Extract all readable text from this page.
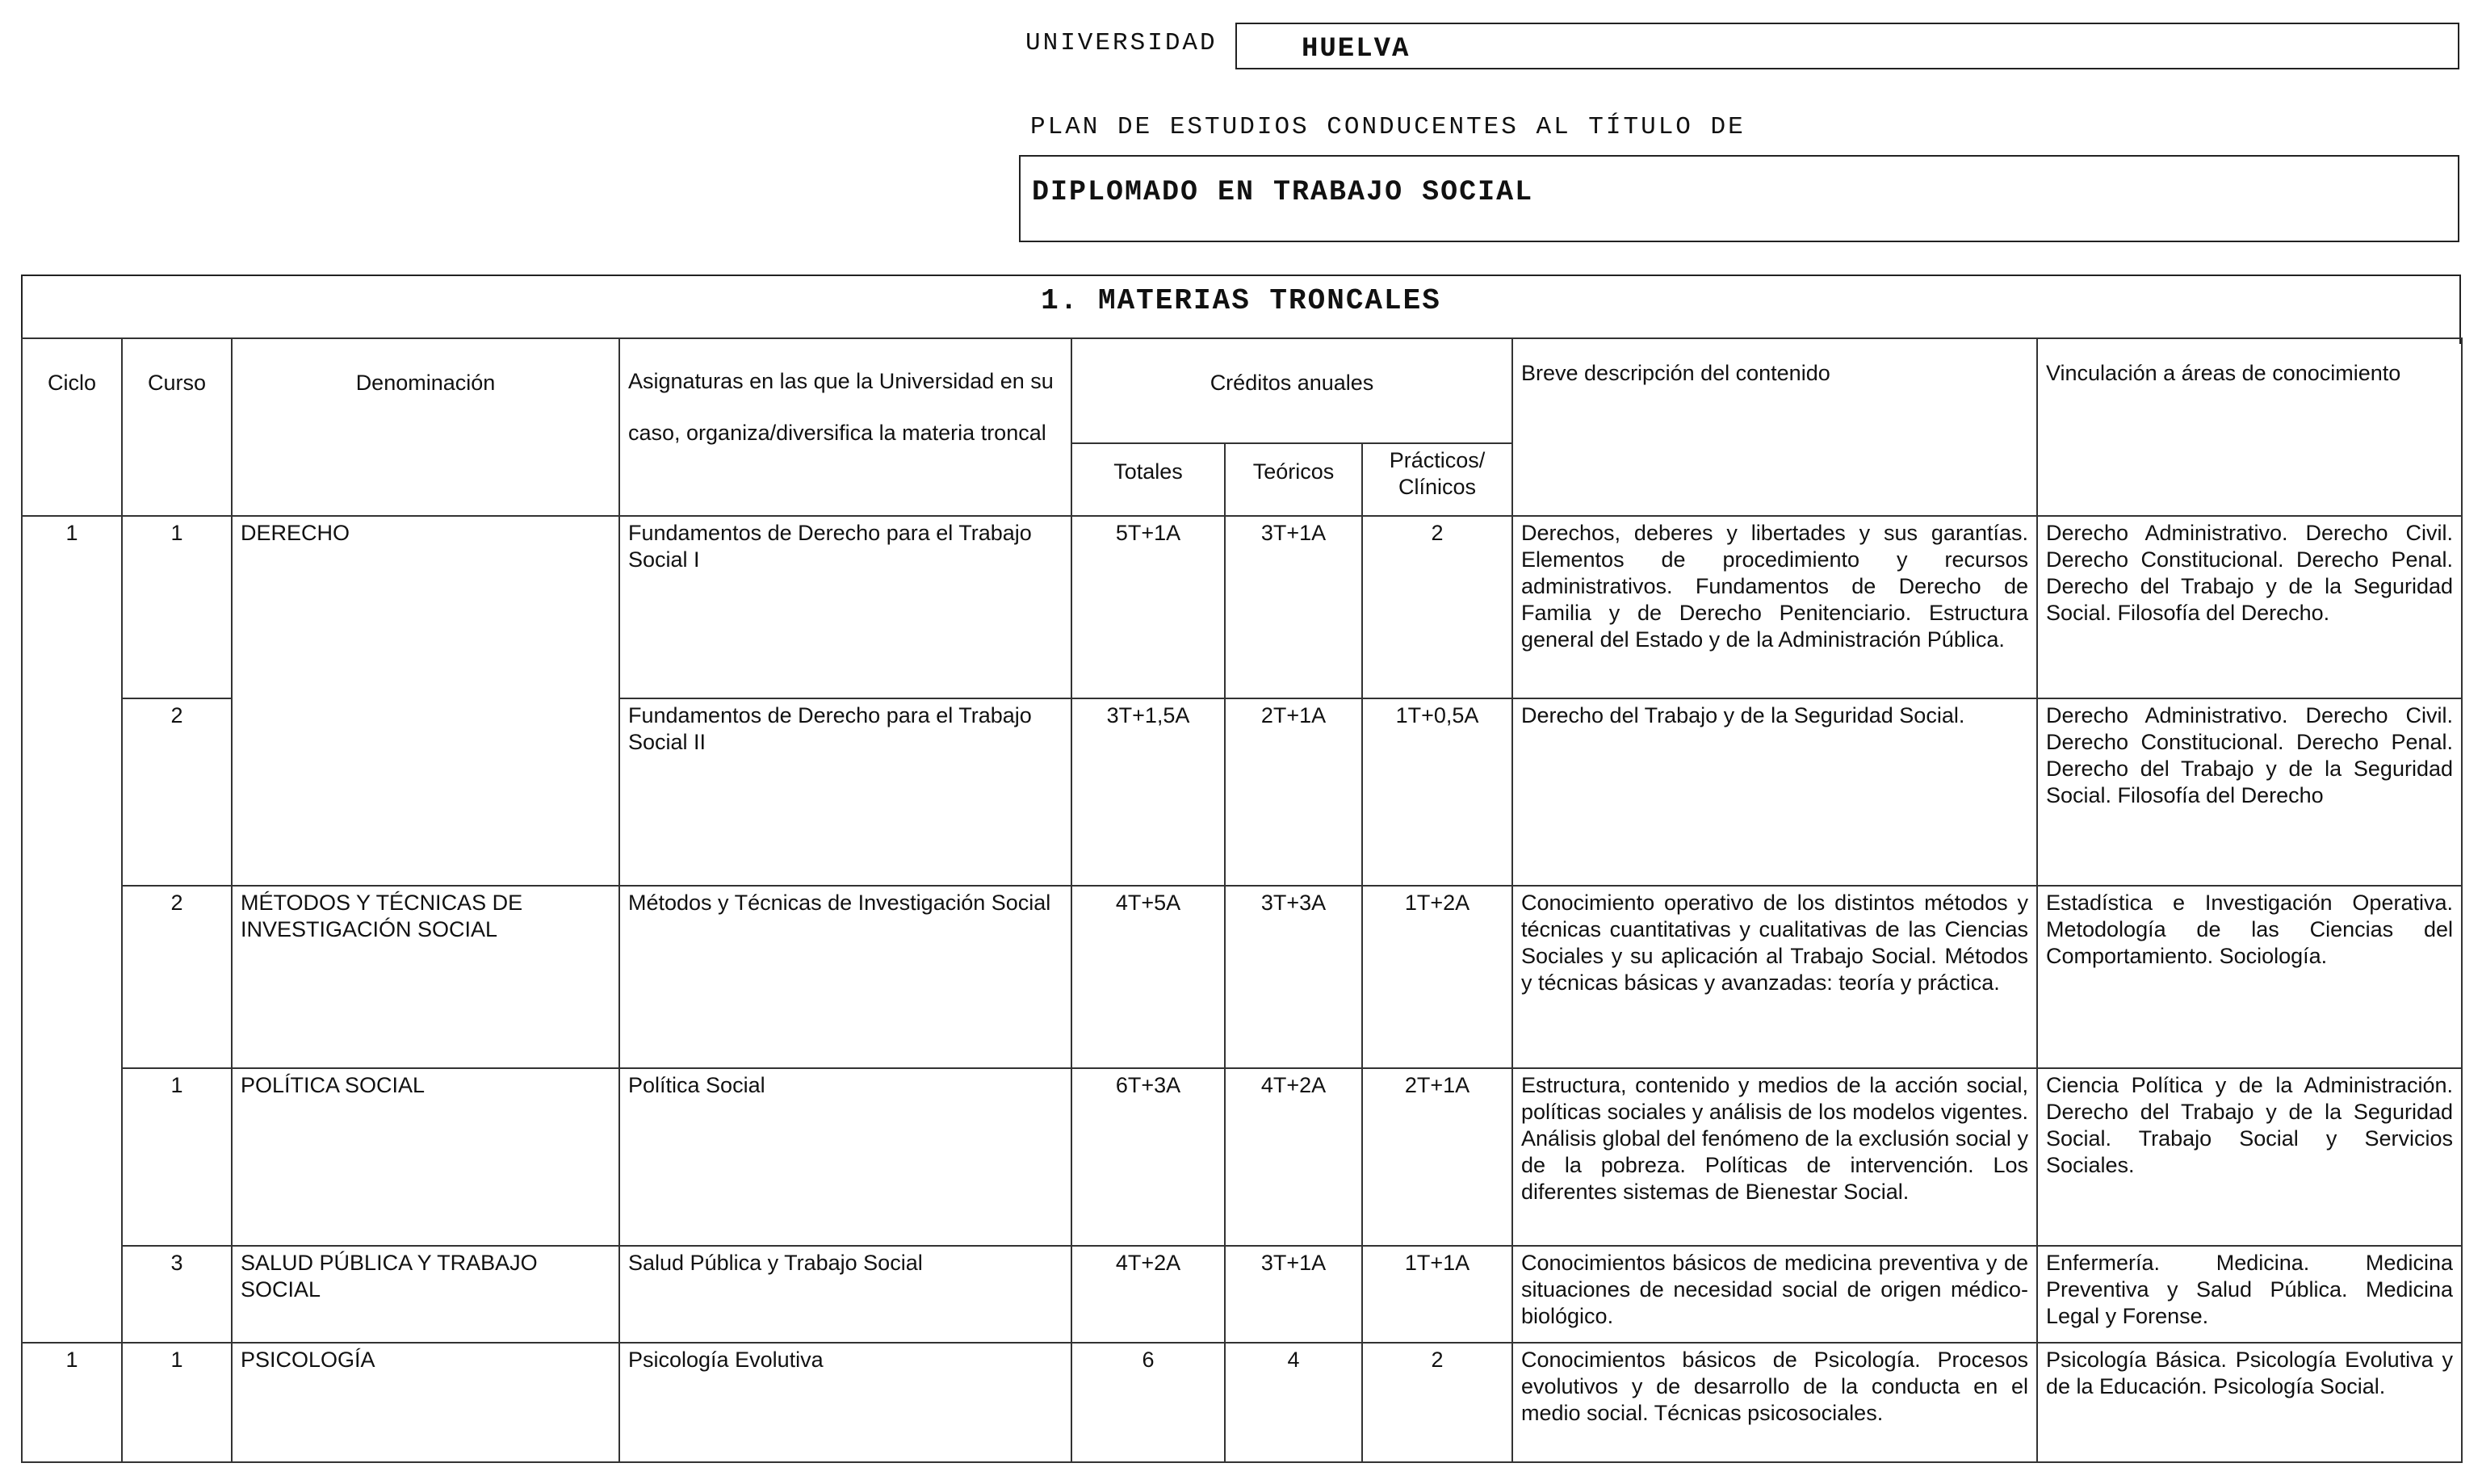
UNIVERSIDAD	HUELVA
PLAN DE ESTUDIOS CONDUCENTES AL TÍTULO DE
DIPLOMADO EN TRABAJO SOCIAL
1. MATERIAS TRONCALES
Ciclo	Curso	Denominación	Asignaturas en las que la Universidad en su caso, organiza/diversifica la materia troncal	Créditos anuales			Breve descripción del contenido	Vinculación a áreas de conocimiento
				Totales	Teóricos	Prácticos/ Clínicos		
1	1	DERECHO	Fundamentos de Derecho para el Trabajo Social I	5T+1A	3T+1A	2	Derechos, deberes y libertades y sus garantías. Elementos de procedimiento y recursos administrativos. Fundamentos de Derecho de Familia y de Derecho Penitenciario. Estructura general del Estado y de la Administración Pública.	Derecho Administrativo. Derecho Civil. Derecho Constitucional. Derecho Penal. Derecho del Trabajo y de la Seguridad Social. Filosofía del Derecho.
	2		Fundamentos de Derecho para el Trabajo Social II	3T+1,5A	2T+1A	1T+0,5A	Derecho del Trabajo y de la Seguridad Social.	Derecho Administrativo. Derecho Civil. Derecho Constitucional. Derecho Penal. Derecho del Trabajo y de la Seguridad Social. Filosofía del Derecho
	2	MÉTODOS Y TÉCNICAS DE INVESTIGACIÓN SOCIAL	Métodos y Técnicas de Investigación Social	4T+5A	3T+3A	1T+2A	Conocimiento operativo de los distintos métodos y técnicas cuantitativas y cualitativas de las Ciencias Sociales y su aplicación al Trabajo Social. Métodos y técnicas básicas y avanzadas: teoría y práctica.	Estadística e Investigación Operativa. Metodología de las Ciencias del Comportamiento. Sociología.
	1	POLÍTICA SOCIAL	Política Social	6T+3A	4T+2A	2T+1A	Estructura, contenido y medios de la acción social, políticas sociales y análisis de los modelos vigentes. Análisis global del fenómeno de la exclusión social y de la pobreza. Políticas de intervención. Los diferentes sistemas de Bienestar Social.	Ciencia Política y de la Administración. Derecho del Trabajo y de la Seguridad Social. Trabajo Social y Servicios Sociales.
	3	SALUD PÚBLICA Y TRABAJO SOCIAL	Salud Pública y Trabajo Social	4T+2A	3T+1A	1T+1A	Conocimientos básicos de medicina preventiva y de situaciones de necesidad social de origen médico-biológico.	Enfermería. Medicina. Medicina Preventiva y Salud Pública. Medicina Legal y Forense.
1	1	PSICOLOGÍA	Psicología Evolutiva	6	4	2	Conocimientos básicos de Psicología. Procesos evolutivos y de desarrollo de la conducta en el medio social. Técnicas psicosociales.	Psicología Básica. Psicología Evolutiva y de la Educación. Psicología Social.
